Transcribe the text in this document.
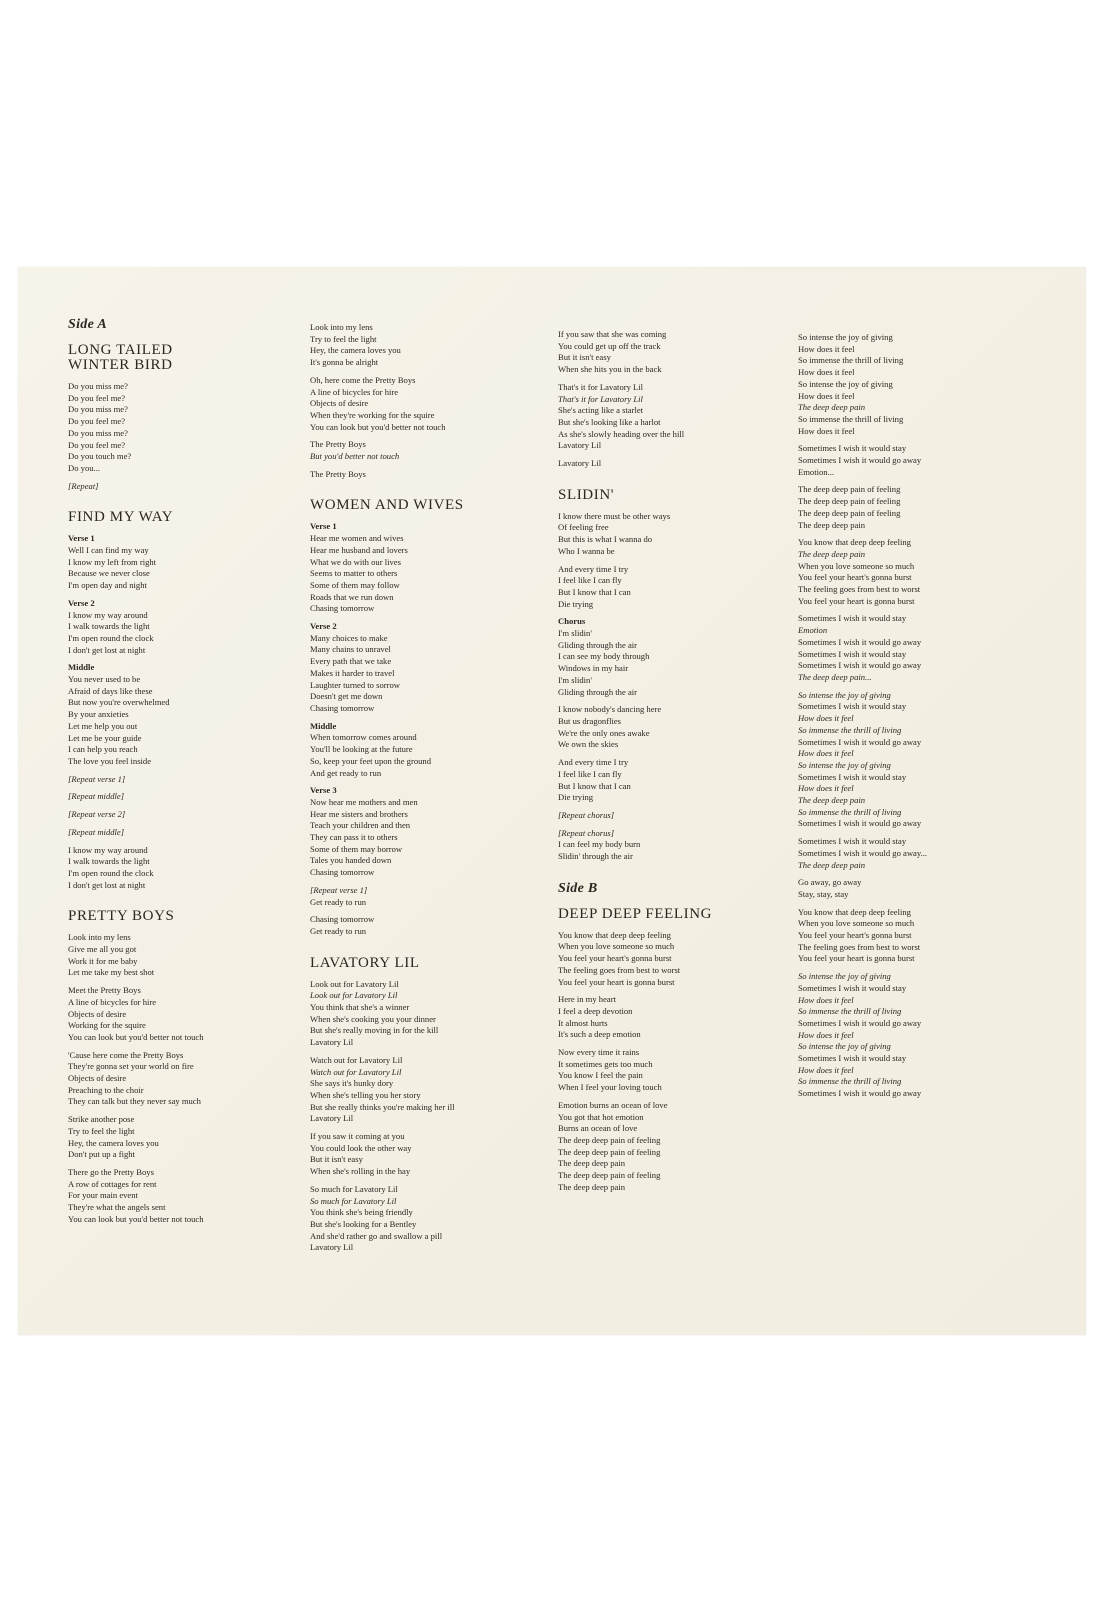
Side A
LONG TAILED
WINTER BIRD
Do you miss me?
Do you feel me?
Do you miss me?
Do you feel me?
Do you miss me?
Do you feel me?
Do you touch me?
Do you...
[Repeat]
FIND MY WAY
Verse 1
Well I can find my way
I know my left from right
Because we never close
I'm open day and night
Verse 2
I know my way around
I walk towards the light
I'm open round the clock
I don't get lost at night
Middle
You never used to be
Afraid of days like these
But now you're overwhelmed
By your anxieties
Let me help you out
Let me be your guide
I can help you reach
The love you feel inside
[Repeat verse 1]
[Repeat middle]
[Repeat verse 2]
[Repeat middle]
I know my way around
I walk towards the light
I'm open round the clock
I don't get lost at night
PRETTY BOYS
Look into my lens
Give me all you got
Work it for me baby
Let me take my best shot
Meet the Pretty Boys
A line of bicycles for hire
Objects of desire
Working for the squire
You can look but you'd better not touch
'Cause here come the Pretty Boys
They're gonna set your world on fire
Objects of desire
Preaching to the choir
They can talk but they never say much
Strike another pose
Try to feel the light
Hey, the camera loves you
Don't put up a fight
There go the Pretty Boys
A row of cottages for rent
For your main event
They're what the angels sent
You can look but you'd better not touch
Look into my lens
Try to feel the light
Hey, the camera loves you
It's gonna be alright
Oh, here come the Pretty Boys
A line of bicycles for hire
Objects of desire
When they're working for the squire
You can look but you'd better not touch
The Pretty Boys
But you'd better not touch
The Pretty Boys
WOMEN AND WIVES
Verse 1
Hear me women and wives
Hear me husband and lovers
What we do with our lives
Seems to matter to others
Some of them may follow
Roads that we run down
Chasing tomorrow
Verse 2
Many choices to make
Many chains to unravel
Every path that we take
Makes it harder to travel
Laughter turned to sorrow
Doesn't get me down
Chasing tomorrow
Middle
When tomorrow comes around
You'll be looking at the future
So, keep your feet upon the ground
And get ready to run
Verse 3
Now hear me mothers and men
Hear me sisters and brothers
Teach your children and then
They can pass it to others
Some of them may borrow
Tales you handed down
Chasing tomorrow
[Repeat verse 1]
Get ready to run
Chasing tomorrow
Get ready to run
LAVATORY LIL
Look out for Lavatory Lil
Look out for Lavatory Lil
You think that she's a winner
When she's cooking you your dinner
But she's really moving in for the kill
Lavatory Lil
Watch out for Lavatory Lil
Watch out for Lavatory Lil
She says it's hunky dory
When she's telling you her story
But she really thinks you're making her ill
Lavatory Lil
If you saw it coming at you
You could look the other way
But it isn't easy
When she's rolling in the hay
So much for Lavatory Lil
So much for Lavatory Lil
You think she's being friendly
But she's looking for a Bentley
And she'd rather go and swallow a pill
Lavatory Lil
If you saw that she was coming
You could get up off the track
But it isn't easy
When she hits you in the back
That's it for Lavatory Lil
That's it for Lavatory Lil
She's acting like a starlet
But she's looking like a harlot
As she's slowly heading over the hill
Lavatory Lil
Lavatory Lil
SLIDIN'
I know there must be other ways
Of feeling free
But this is what I wanna do
Who I wanna be
And every time I try
I feel like I can fly
But I know that I can
Die trying
Chorus
I'm slidin'
Gliding through the air
I can see my body through
Windows in my hair
I'm slidin'
Gliding through the air
I know nobody's dancing here
But us dragonflies
We're the only ones awake
We own the skies
And every time I try
I feel like I can fly
But I know that I can
Die trying
[Repeat chorus]
[Repeat chorus]
I can feel my body burn
Slidin' through the air
Side B
DEEP DEEP FEELING
You know that deep deep feeling
When you love someone so much
You feel your heart's gonna burst
The feeling goes from best to worst
You feel your heart is gonna burst
Here in my heart
I feel a deep devotion
It almost hurts
It's such a deep emotion
Now every time it rains
It sometimes gets too much
You know I feel the pain
When I feel your loving touch
Emotion burns an ocean of love
You got that hot emotion
Burns an ocean of love
The deep deep pain of feeling
The deep deep pain of feeling
The deep deep pain
The deep deep pain of feeling
The deep deep pain
So intense the joy of giving
How does it feel
So immense the thrill of living
How does it feel
So intense the joy of giving
How does it feel
The deep deep pain
So immense the thrill of living
How does it feel
Sometimes I wish it would stay
Sometimes I wish it would go away
Emotion...
The deep deep pain of feeling
The deep deep pain of feeling
The deep deep pain of feeling
The deep deep pain
You know that deep deep feeling
The deep deep pain
When you love someone so much
You feel your heart's gonna burst
The feeling goes from best to worst
You feel your heart is gonna burst
Sometimes I wish it would stay
Emotion
Sometimes I wish it would go away
Sometimes I wish it would stay
Sometimes I wish it would go away
The deep deep pain...
So intense the joy of giving
Sometimes I wish it would stay
How does it feel
So immense the thrill of living
Sometimes I wish it would go away
How does it feel
So intense the joy of giving
Sometimes I wish it would stay
How does it feel
The deep deep pain
So immense the thrill of living
Sometimes I wish it would go away
Sometimes I wish it would stay
Sometimes I wish it would go away...
The deep deep pain
Go away, go away
Stay, stay, stay
You know that deep deep feeling
When you love someone so much
You feel your heart's gonna burst
The feeling goes from best to worst
You feel your heart is gonna burst
So intense the joy of giving
Sometimes I wish it would stay
How does it feel
So immense the thrill of living
Sometimes I wish it would go away
How does it feel
So intense the joy of giving
Sometimes I wish it would stay
How does it feel
So immense the thrill of living
Sometimes I wish it would go away
